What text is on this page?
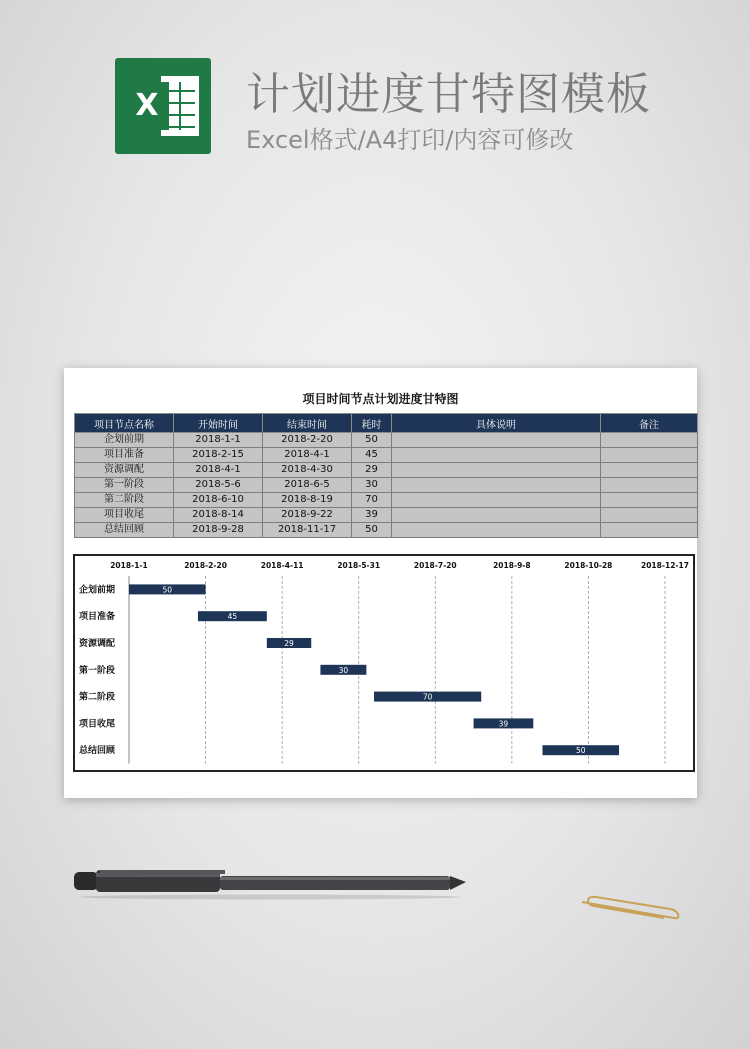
X 计划进度甘特图模板
Excel格式/A4打印/内容可修改
项目时间节点计划进度甘特图
项目节点名称	开始时间	结束时间	耗时	具体说明	备注
企划前期	2018-1-1	2018-2-20	50		
项目准备	2018-2-15	2018-4-1	45		
资源调配	2018-4-1	2018-4-30	29		
第一阶段	2018-5-6	2018-6-5	30		
第二阶段	2018-6-10	2018-8-19	70		
项目收尾	2018-8-14	2018-9-22	39		
总结回顾	2018-9-28	2018-11-17	50		
2018-1-1	2018-2-20	2018-4-11	2018-5-31	2018-7-20	2018-9-8	2018-10-28	2018-12-17
企划前期	50
项目准备	45
资源调配	29
第一阶段	30
第二阶段	70
项目收尾	39
总结回顾	50
